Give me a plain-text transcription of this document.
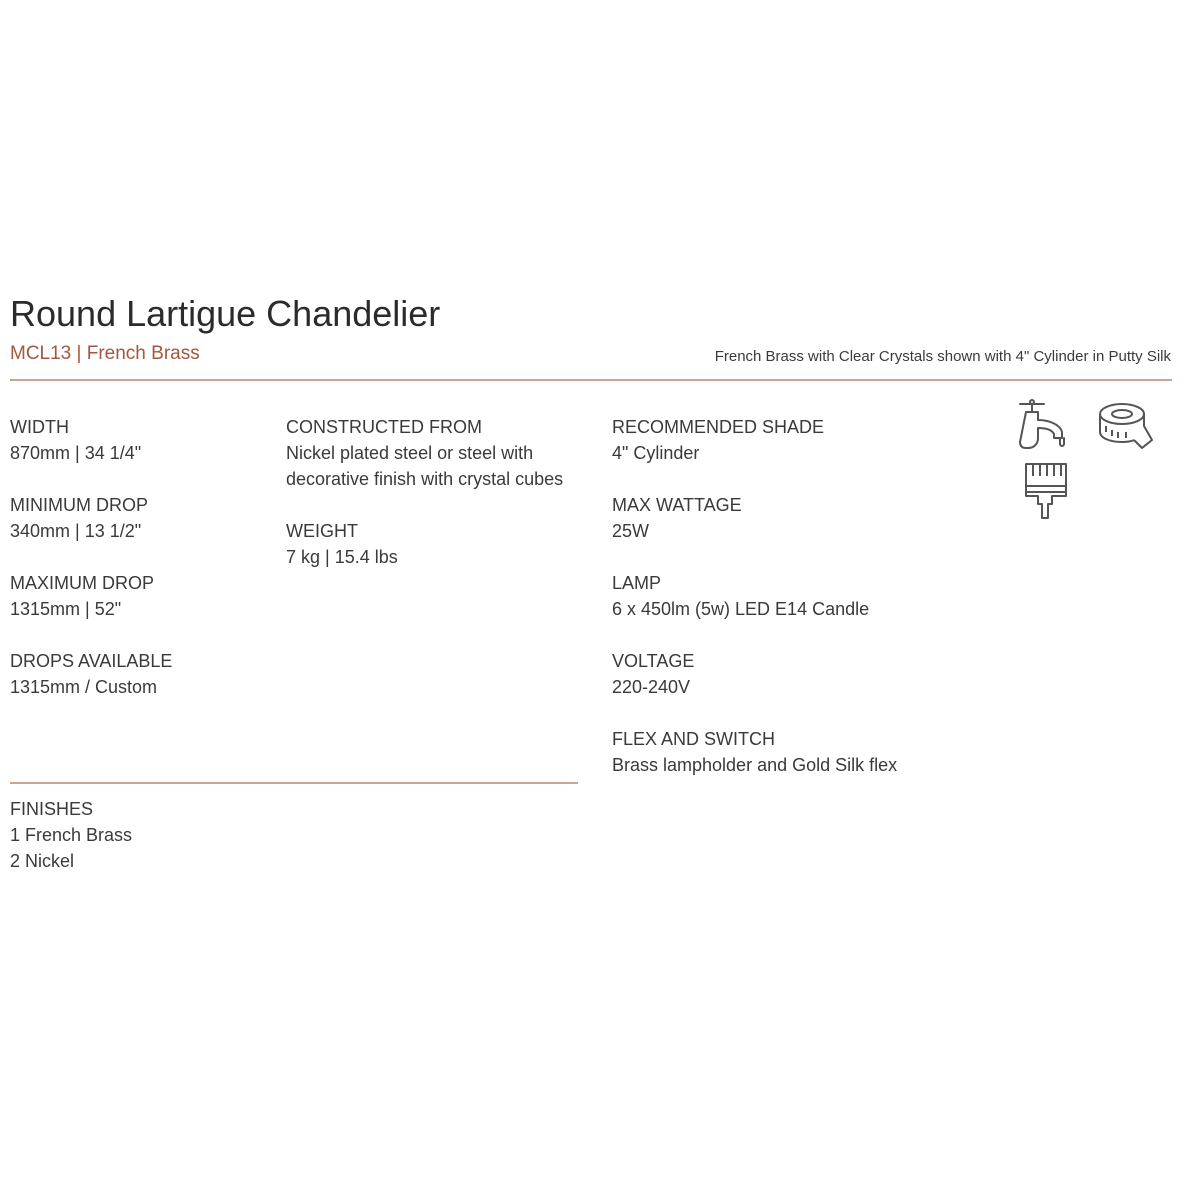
Round Lartigue Chandelier
MCL13 | French Brass	French Brass with Clear Crystals shown with 4" Cylinder in Putty Silk
WIDTH
870mm | 34 1/4"
MINIMUM DROP
340mm | 13 1/2"
MAXIMUM DROP
1315mm | 52"
DROPS AVAILABLE
1315mm / Custom
CONSTRUCTED FROM
Nickel plated steel or steel with
decorative finish with crystal cubes
WEIGHT
7 kg | 15.4 lbs
RECOMMENDED SHADE
4" Cylinder
MAX WATTAGE
25W
LAMP
6 x 450lm (5w) LED E14 Candle
VOLTAGE
220-240V
FLEX AND SWITCH
Brass lampholder and Gold Silk flex
FINISHES
1 French Brass
2 Nickel
